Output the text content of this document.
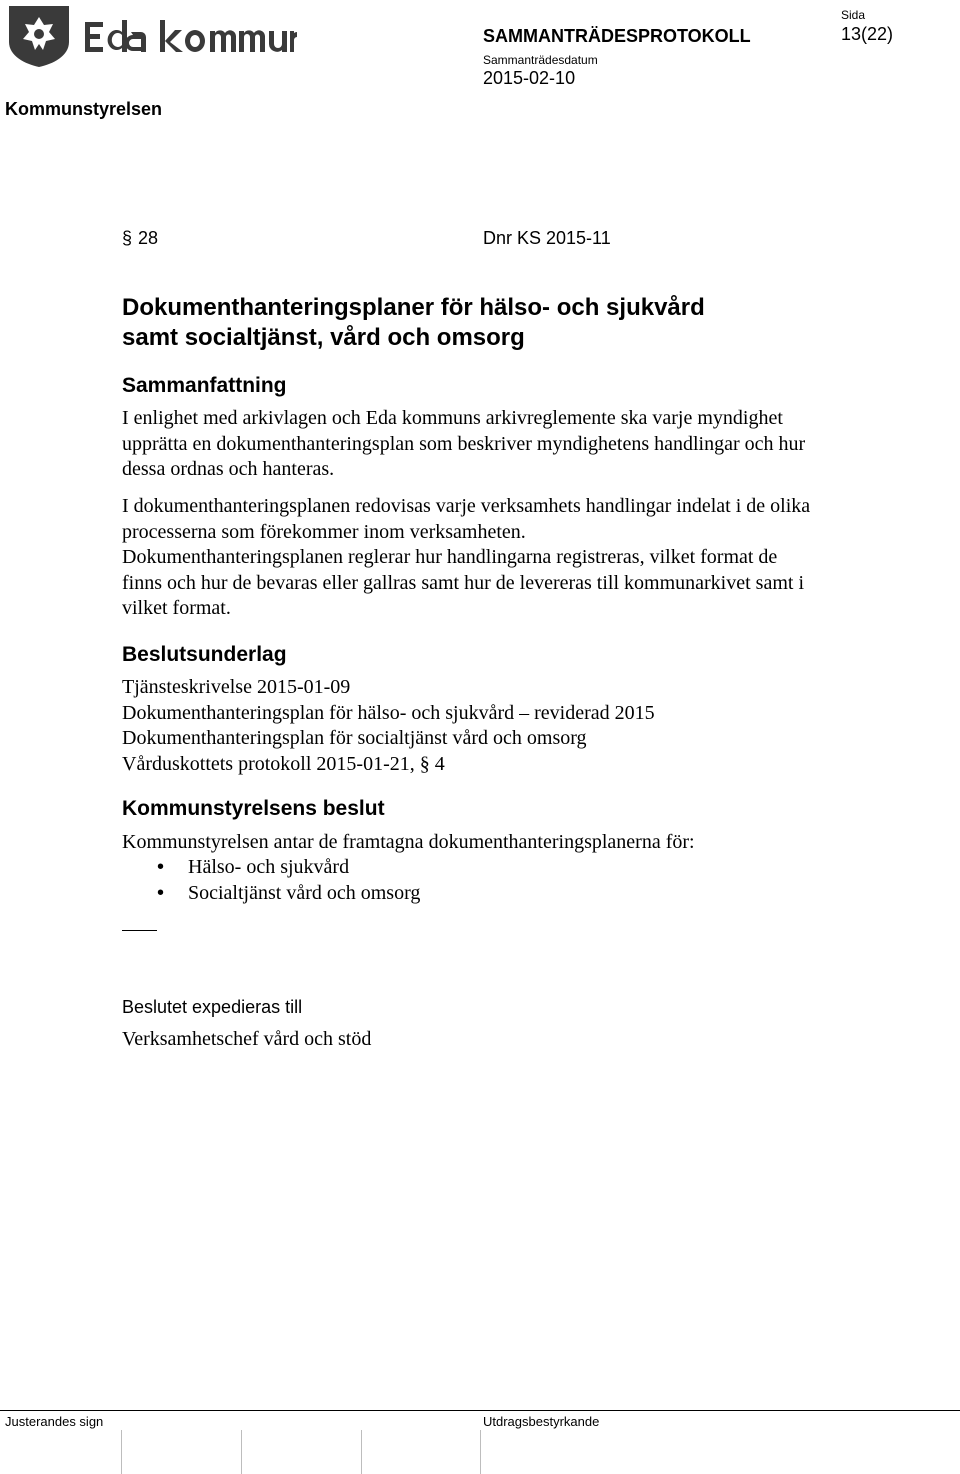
SAMMANTRÄDESPROTOKOLL
Sammanträdesdatum
2015-02-10
Sida
13(22)
Kommunstyrelsen
§ 28	Dnr KS 2015-11
Dokumenthanteringsplaner för hälso- och sjukvård
samt socialtjänst, vård och omsorg
Sammanfattning

I enlighet med arkivlagen och Eda kommuns arkivreglemente ska varje myndighet upprätta en dokumenthanteringsplan som beskriver myndighetens handlingar och hur dessa ordnas och hanteras.

I dokumenthanteringsplanen redovisas varje verksamhets handlingar indelat i de olika processerna som förekommer inom verksamheten.
Dokumenthanteringsplanen reglerar hur handlingarna registreras, vilket format de finns och hur de bevaras eller gallras samt hur de levereras till kommunarkivet samt i vilket format.
Beslutsunderlag
Tjänsteskrivelse 2015-01-09
Dokumenthanteringsplan för hälso- och sjukvård – reviderad 2015
Dokumenthanteringsplan för socialtjänst vård och omsorg
Vårduskottets protokoll 2015-01-21, § 4
Kommunstyrelsens beslut

Kommunstyrelsen antar de framtagna dokumenthanteringsplanerna för:

• Hälso- och sjukvård
• Socialtjänst vård och omsorg
Beslutet expedieras till

Verksamhetschef vård och stöd

Justerandes sign	Utdragsbestyrkande
